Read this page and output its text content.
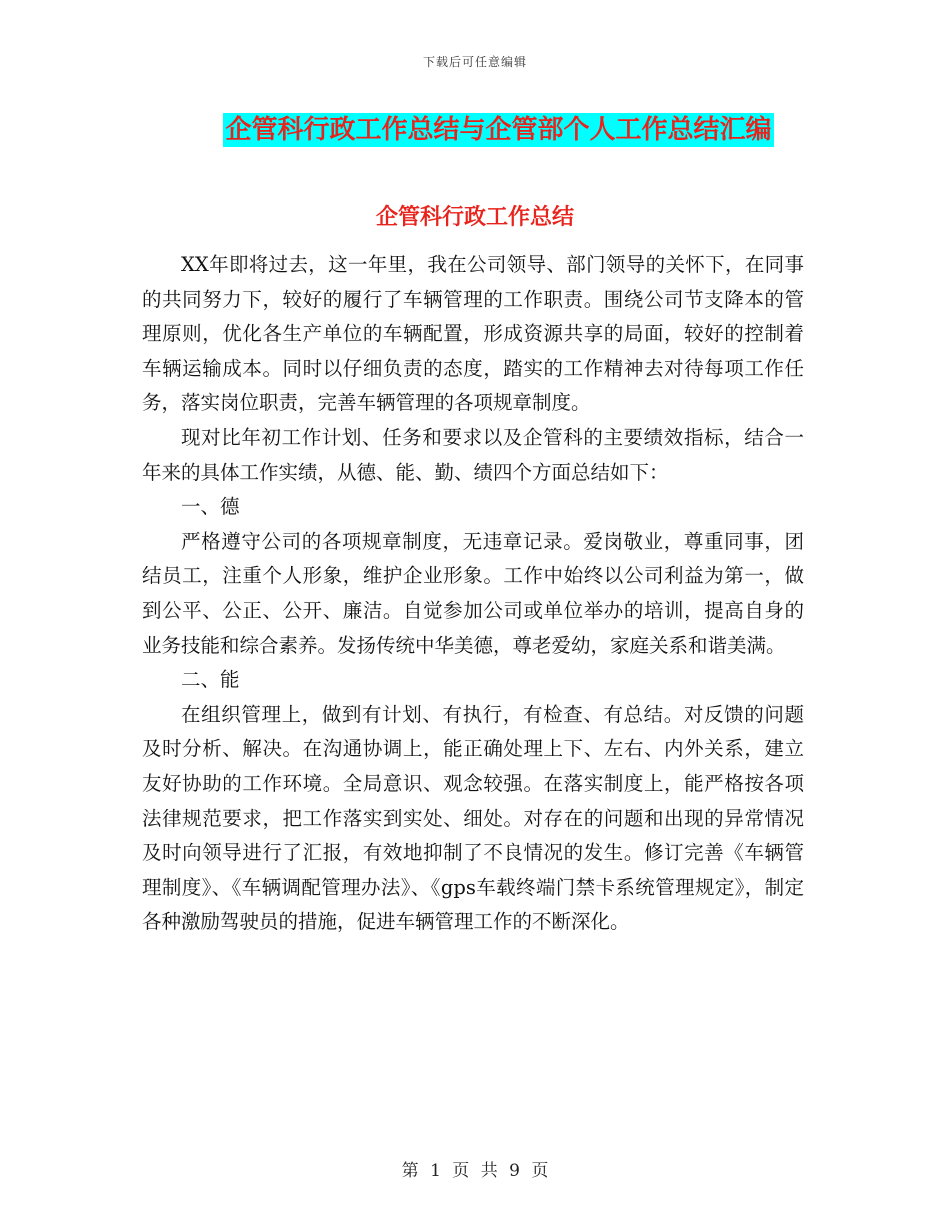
下载后可任意编辑
企管科行政工作总结与企管部个人工作总结汇编
企管科行政工作总结

XX年即将过去，这一年里，我在公司领导、部门领导的关怀下，在同事的共同努力下，较好的履行了车辆管理的工作职责。围绕公司节支降本的管理原则，优化各生产单位的车辆配置，形成资源共享的局面，较好的控制着车辆运输成本。同时以仔细负责的态度，踏实的工作精神去对待每项工作任务，落实岗位职责，完善车辆管理的各项规章制度。

现对比年初工作计划、任务和要求以及企管科的主要绩效指标，结合一年来的具体工作实绩，从德、能、勤、绩四个方面总结如下：

一、德

严格遵守公司的各项规章制度，无违章记录。爱岗敬业，尊重同事，团结员工，注重个人形象，维护企业形象。工作中始终以公司利益为第一，做到公平、公正、公开、廉洁。自觉参加公司或单位举办的培训，提高自身的业务技能和综合素养。发扬传统中华美德，尊老爱幼，家庭关系和谐美满。

二、能

在组织管理上，做到有计划、有执行，有检查、有总结。对反馈的问题及时分析、解决。在沟通协调上，能正确处理上下、左右、内外关系，建立友好协助的工作环境。全局意识、观念较强。在落实制度上，能严格按各项法律规范要求，把工作落实到实处、细处。对存在的问题和出现的异常情况及时向领导进行了汇报，有效地抑制了不良情况的发生。修订完善《车辆管理制度》、《车辆调配管理办法》、《gps车载终端门禁卡系统管理规定》，制定各种激励驾驶员的措施，促进车辆管理工作的不断深化。

第 1 页 共 9 页
